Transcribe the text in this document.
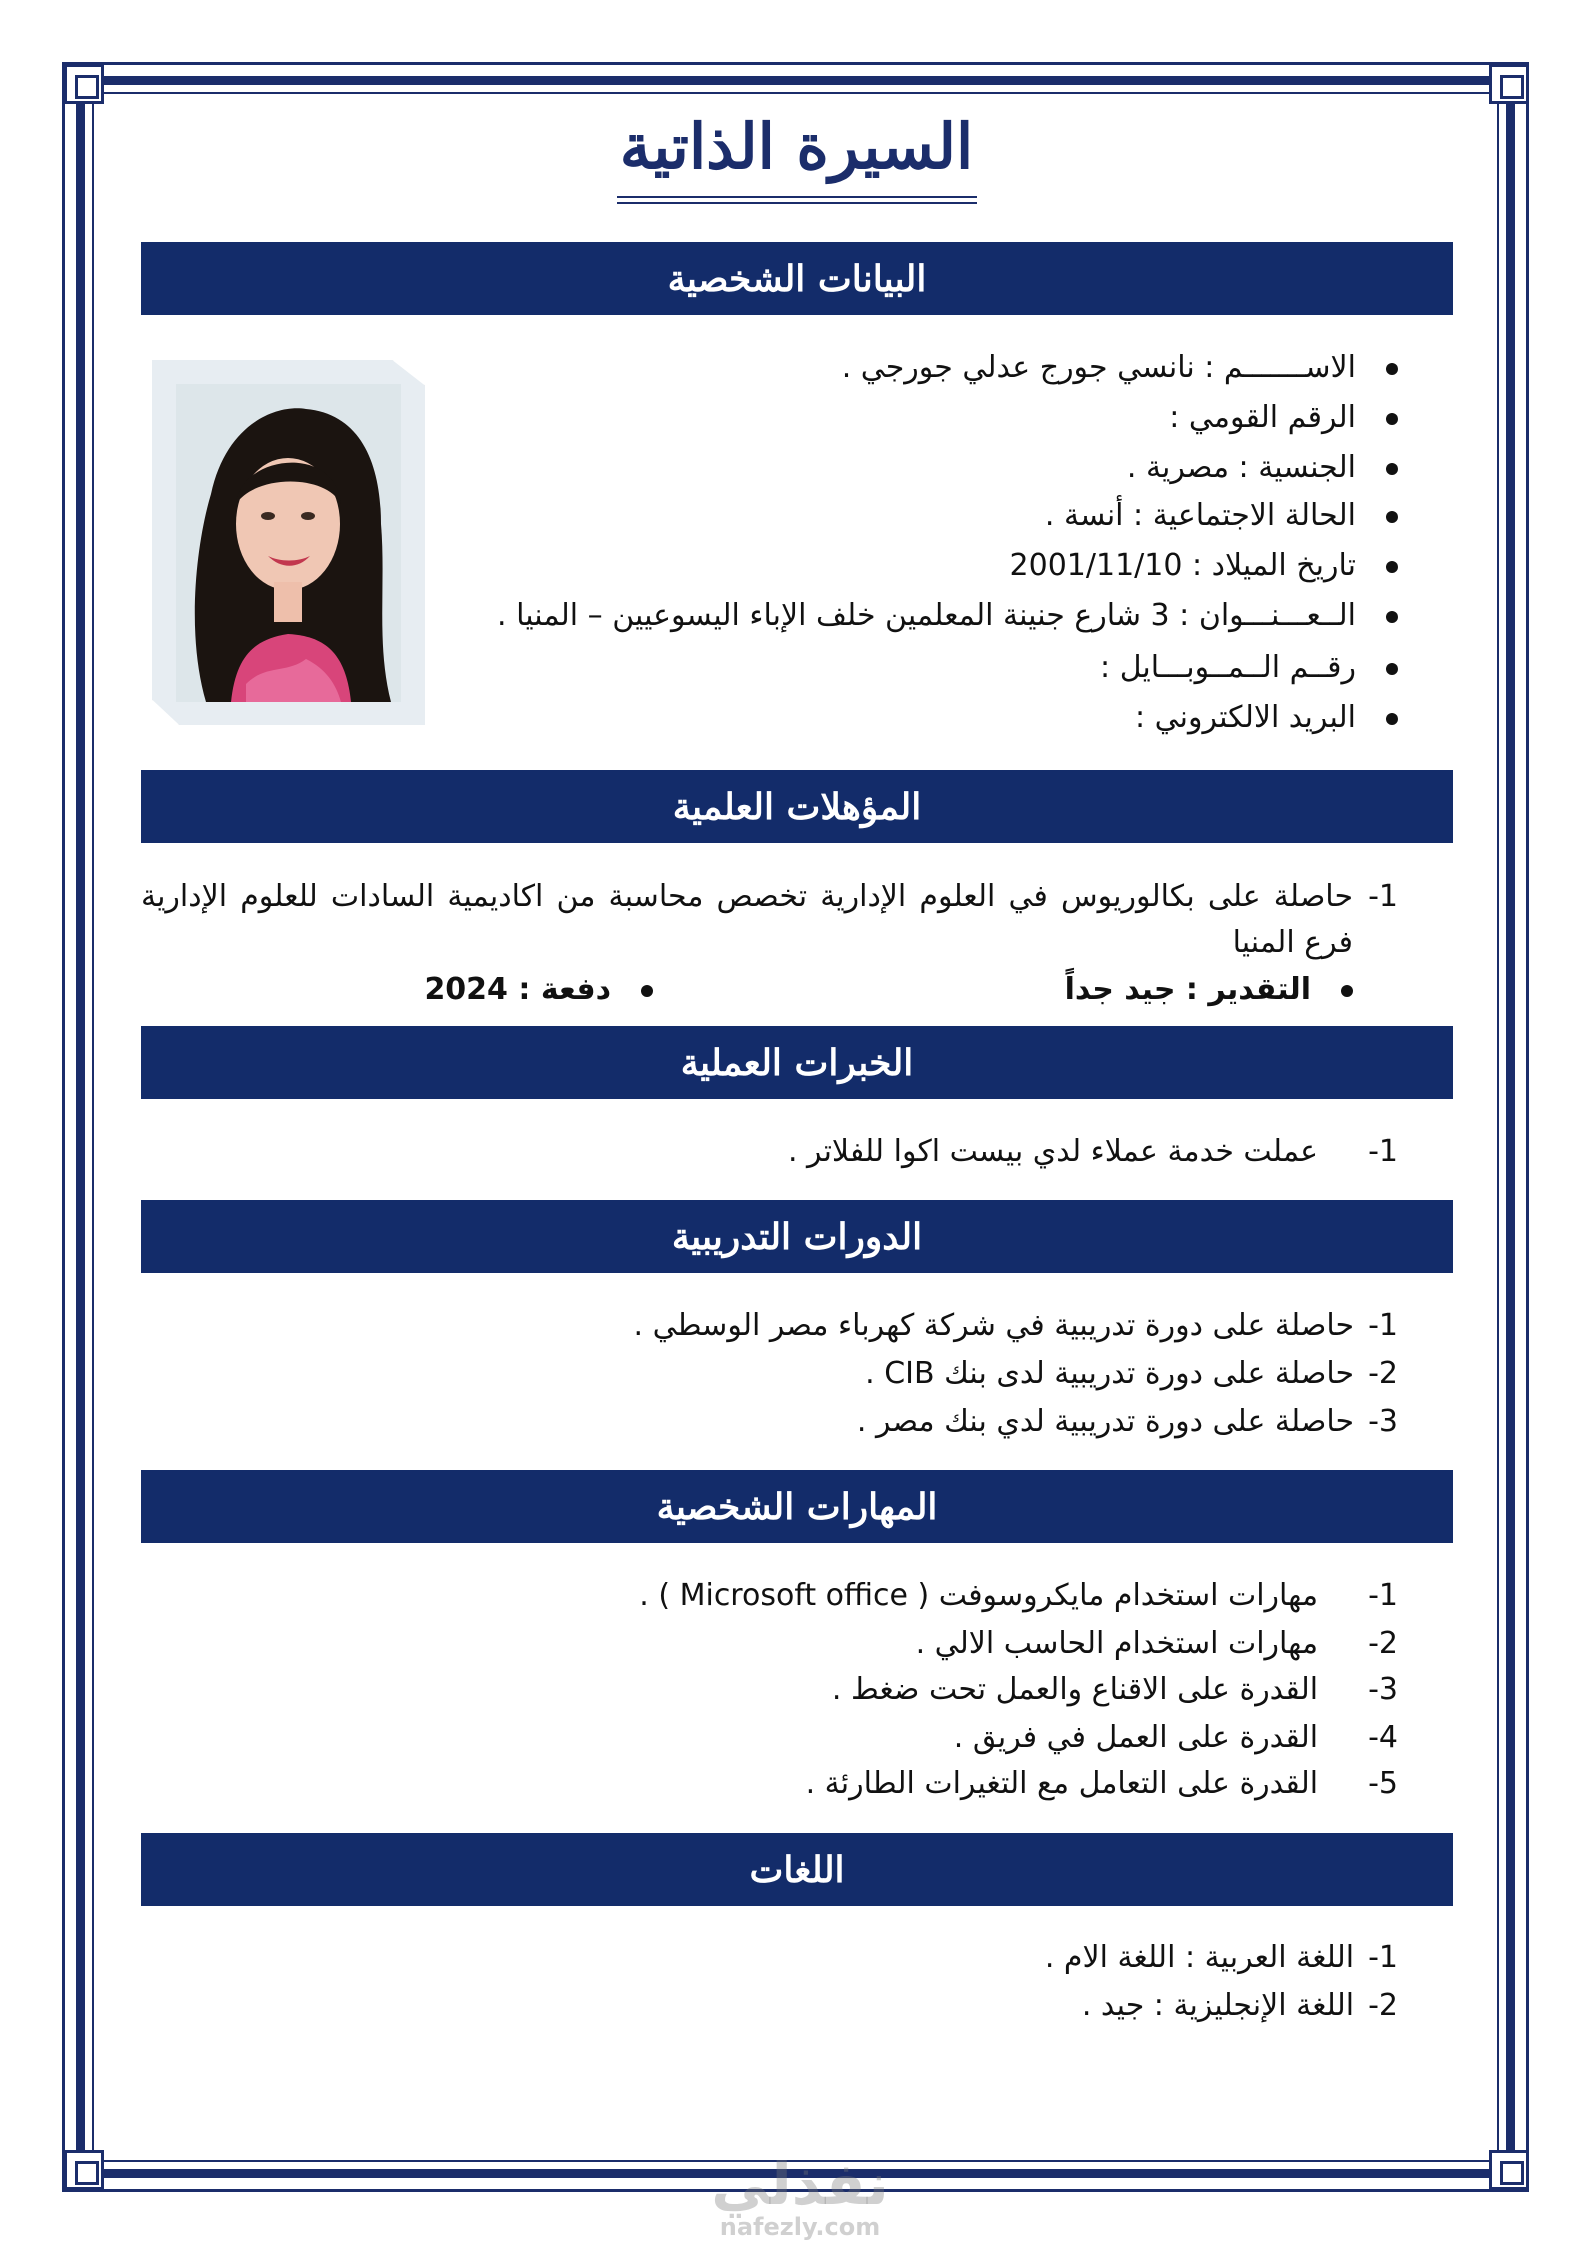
السيرة الذاتية
البيانات الشخصية
الاســـــــم : نانسي جورج عدلي جورجي .
الرقم القومي :
الجنسية : مصرية .
الحالة الاجتماعية : أنسة .
تاريخ الميلاد : 2001/11/10
الــعـــنـــوان : 3 شارع جنينة المعلمين خلف الإباء اليسوعيين – المنيا .
رقــم الــمــوبـــايل :
البريد الالكتروني :
المؤهلات العلمية
1-
حاصلة على بكالوريوس في العلوم الإدارية تخصص محاسبة من اكاديمية السادات للعلوم الإدارية فرع المنيا
التقدير : جيد جداً
دفعة : 2024
الخبرات العملية
1-عملت خدمة عملاء لدي بيست اكوا للفلاتر .
الدورات التدريبية
1-حاصلة على دورة تدريبية في شركة كهرباء مصر الوسطي .
2-حاصلة على دورة تدريبية لدى بنك CIB .
3-حاصلة على دورة تدريبية لدي بنك مصر .
المهارات الشخصية
1-مهارات استخدام مايكروسوفت ( Microsoft office ) .
2-مهارات استخدام الحاسب الالي .
3-القدرة على الاقناع والعمل تحت ضغط .
4-القدرة على العمل في فريق .
5-القدرة على التعامل مع التغيرات الطارئة .
اللغات
1-اللغة العربية : اللغة الام .
2-اللغة الإنجليزية : جيد .
نفذلي
nafezly.com
